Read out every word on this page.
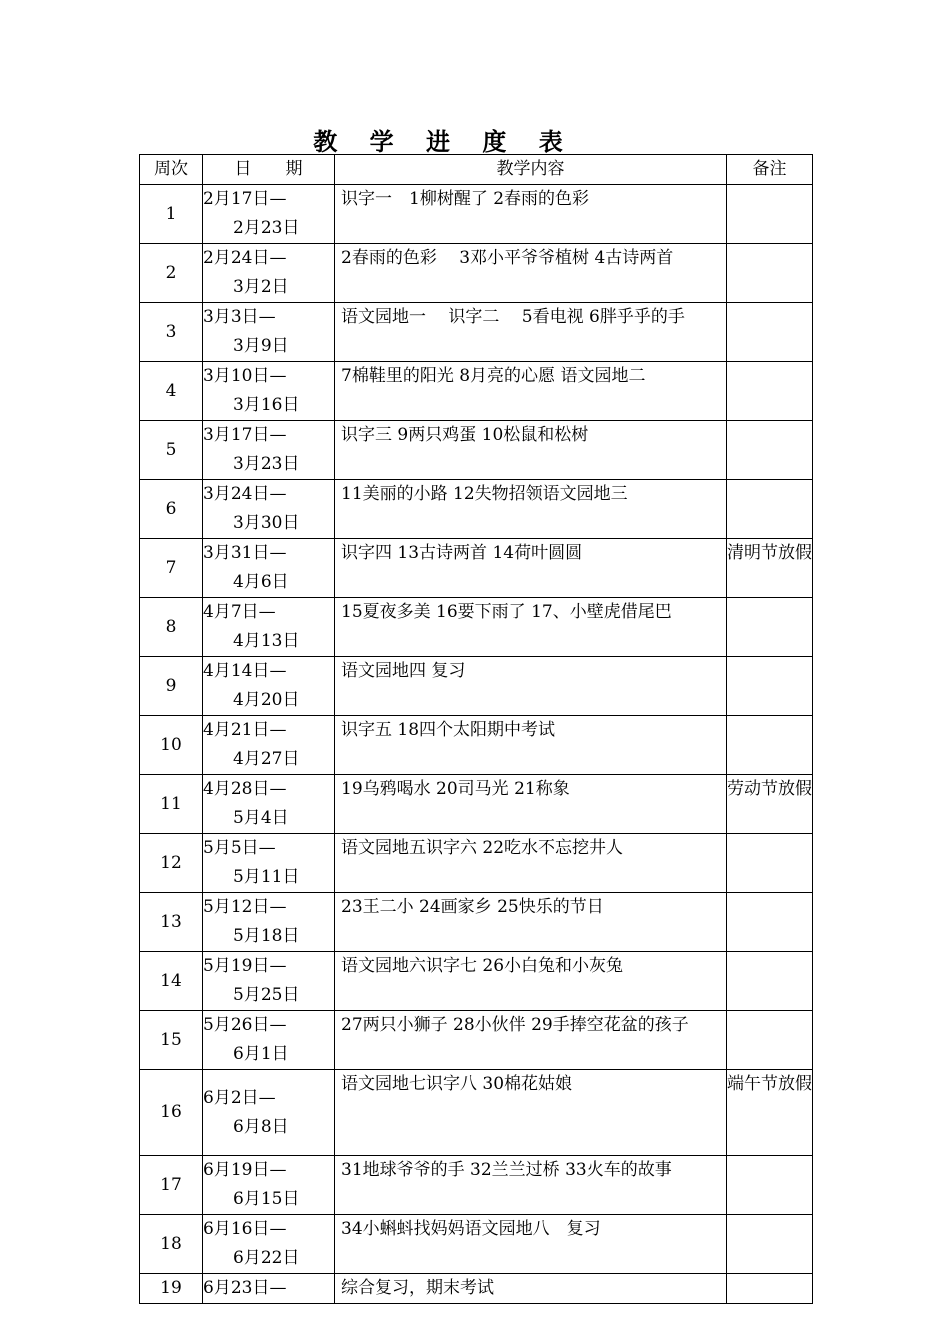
教 学 进 度 表
周次	日　　期	教学内容	备注
1	2月17日—
2月23日	识字一　1柳树醒了 2春雨的色彩	
2	2月24日—
3月2日	2春雨的色彩　 3邓小平爷爷植树 4古诗两首	
3	3月3日—
3月9日	语文园地一　 识字二　 5看电视 6胖乎乎的手	
4	3月10日—
3月16日	7棉鞋里的阳光 8月亮的心愿 语文园地二	
5	3月17日—
3月23日	识字三 9两只鸡蛋 10松鼠和松树	
6	3月24日—
3月30日	11美丽的小路 12失物招领语文园地三	
7	3月31日—
4月6日	识字四 13古诗两首 14荷叶圆圆	清明节放假
8	4月7日—
4月13日	15夏夜多美 16要下雨了 17、小壁虎借尾巴	
9	4月14日—
4月20日	语文园地四 复习	
10	4月21日—
4月27日	识字五 18四个太阳期中考试	
11	4月28日—
5月4日	19乌鸦喝水 20司马光 21称象	劳动节放假
12	5月5日—
5月11日	语文园地五识字六 22吃水不忘挖井人	
13	5月12日—
5月18日	23王二小 24画家乡 25快乐的节日	
14	5月19日—
5月25日	语文园地六识字七 26小白兔和小灰兔	
15	5月26日—
6月1日	27两只小狮子 28小伙伴 29手捧空花盆的孩子	
16	6月2日—
6月8日	语文园地七识字八 30棉花姑娘	端午节放假
17	6月19日—
6月15日	31地球爷爷的手 32兰兰过桥 33火车的故事	
18	6月16日—
6月22日	34小蝌蚪找妈妈语文园地八　复习	
19	6月23日—	综合复习，期末考试	
